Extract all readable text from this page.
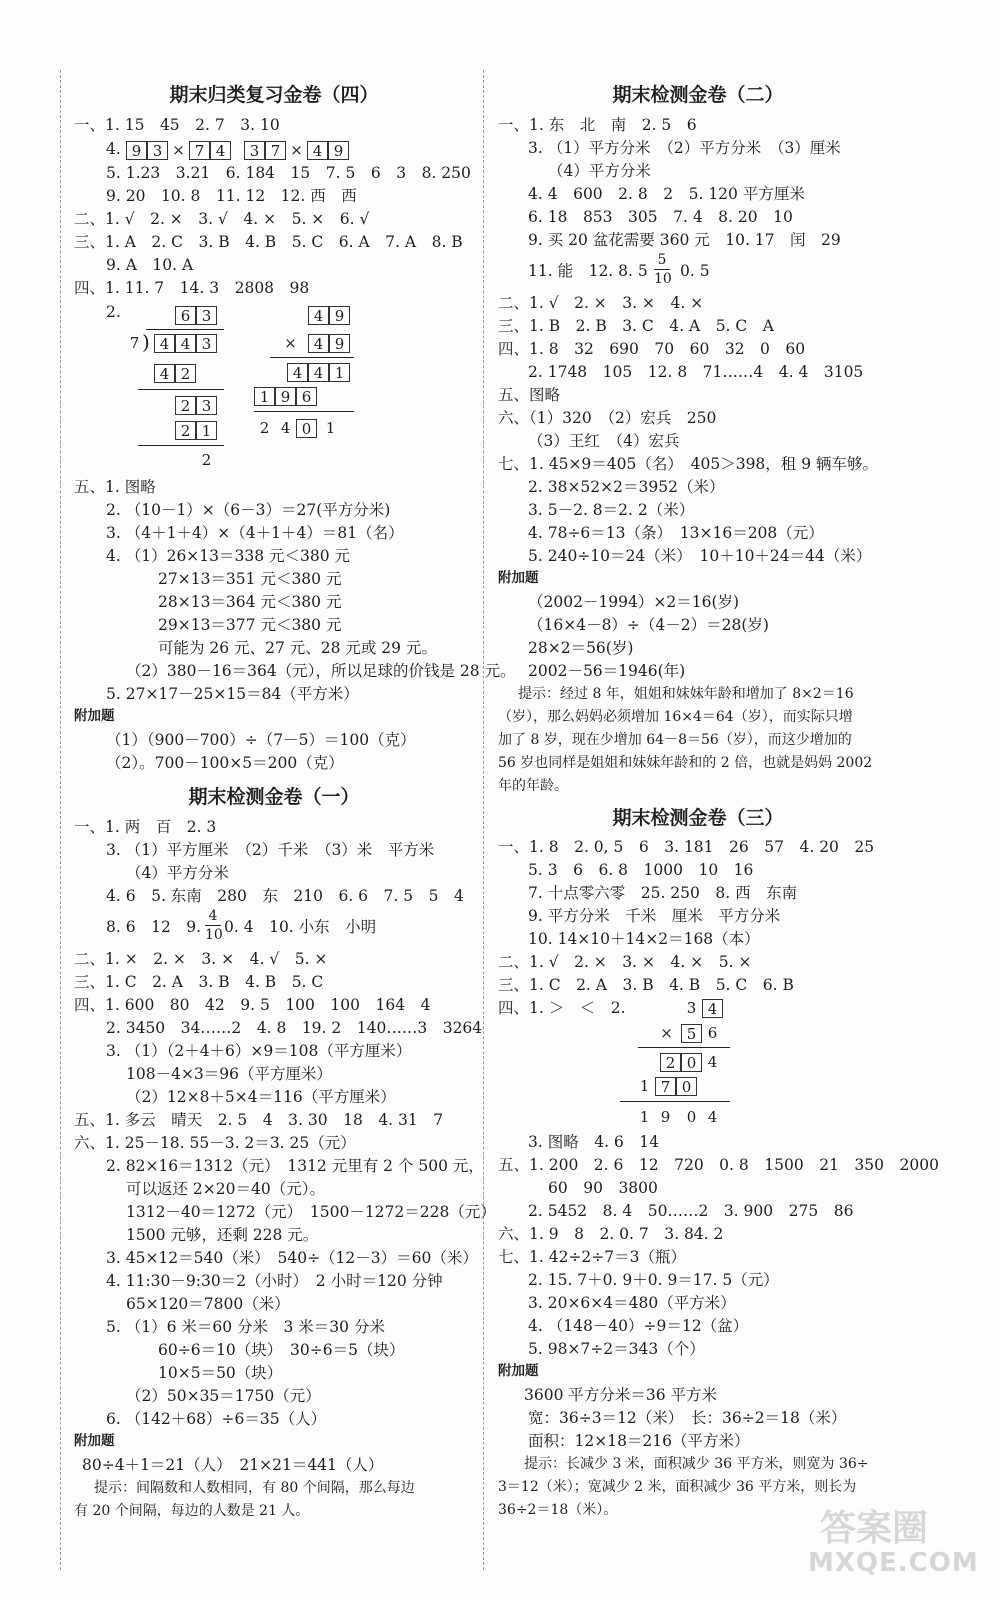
期末归类复习金卷（四）
一、1. 15　45　2. 7　3. 10
4. 9 3 × 7 4	3 7 × 4 9
5. 1.23　3.21　6. 184　15　7. 5　6　3　8. 250
9. 20　10. 8　11. 12　12. 西　西
二、1. √　2. ×　3. √　4. ×　5. ×　6. √
三、1. A　2. C　3. B　4. B　5. C　6. A　7. A　8. B
9. A　10. A
四、1. 11. 7　14. 3　2808　98
2.	6 3
7 ) 4 4 3
4 2
2 3
2 1
2
4 9
×	4 9
4 4 1
1 9 6
2 4 0 1
五、1. 图略
2. （10－1）×（6－3）＝27(平方分米)
3. （4＋1＋4）×（4＋1＋4）＝81（名）
4. （1）26×13＝338 元＜380 元
27×13＝351 元＜380 元
28×13＝364 元＜380 元
29×13＝377 元＜380 元
可能为 26 元、27 元、28 元或 29 元。
（2）380－16＝364（元），所以足球的价钱是 28 元。
5. 27×17－25×15＝84（平方米）
附加题
（1）（900－700）÷（7－5）＝100（克）
（2）。700－100×5＝200（克）
期末检测金卷（一）
一、1. 两　百　2. 3
3. （1）平方厘米　（2）千米　（3）米　平方米
（4）平方分米
4. 6　5. 东南　280　东　210　6. 6　7. 5　5　4
8. 6　12　9.
4
10 0. 4　10. 小东　小明
二、1. ×　2. ×　3. ×　4. √　5. ×
三、1. C　2. A　3. B　4. B　5. C
四、1. 600　80　42　9. 5　100　100　164　4
2. 3450　34……2　4. 8　19. 2　140……3　3264
3. （1）（2＋4＋6）×9＝108（平方厘米）
108－4×3＝96（平方厘米）
（2）12×8＋5×4＝116（平方厘米）
五、1. 多云　晴天　2. 5　4　3. 30　18　4. 31　7
六、1. 25－18. 55－3. 2＝3. 25（元）
2. 82×16＝1312（元）　1312 元里有 2 个 500 元，
可以返还 2×20＝40（元）。
1312－40＝1272（元）　1500－1272＝228（元）
1500 元够，还剩 228 元。
3. 45×12＝540（米）　540÷（12－3）＝60（米）
4. 11:30－9:30＝2（小时）　2 小时＝120 分钟
65×120＝7800（米）
5. （1）6 米＝60 分米　3 米＝30 分米
60÷6＝10（块）　30÷6＝5（块）
10×5＝50（块）
（2）50×35＝1750（元）
6. （142＋68）÷6＝35（人）
附加题
80÷4＋1＝21（人）　21×21＝441（人）
提示：间隔数和人数相同，有 80 个间隔，那么每边
有 20 个间隔，每边的人数是 21 人。
期末检测金卷（二）
一、1. 东　北　南　2. 5　6
3. （1）平方分米　（2）平方分米　（3）厘米
（4）平方分米
4. 4　600　2. 8　2　5. 120 平方厘米
6. 18　853　305　7. 4　8. 20　10
9. 买 20 盆花需要 360 元　10. 17　闰　29
11. 能　12. 8. 5
5
10 0. 5
二、1. √　2. ×　3. ×　4. ×
三、1. B　2. B　3. C　4. A　5. C　A
四、1. 8　32　690　70　60　32　0　60
2. 1748　105　12. 8　71……4　4. 4　3105
五、图略
六、（1）320　（2）宏兵　250
（3）王红　（4）宏兵
七、1. 45×9＝405（名）　405＞398，租 9 辆车够。
2. 38×52×2＝3952（米）
3. 5－2. 8＝2. 2（米）
4. 78÷6＝13（条）　13×16＝208（元）
5. 240÷10＝24（米）　10＋10＋24＝44（米）
附加题
（2002－1994）×2＝16(岁)
（16×4－8）÷（4－2）＝28(岁)
28×2＝56(岁)
2002－56＝1946(年)
提示：经过 8 年，姐姐和妹妹年龄和增加了 8×2＝16
（岁），那么妈妈必须增加 16×4＝64（岁），而实际只增
加了 8 岁，现在少增加 64－8＝56（岁），而这少增加的
56 岁也同样是姐姐和妹妹年龄和的 2 倍，也就是妈妈 2002
年的年龄。
期末检测金卷（三）
一、1. 8　2. 0, 5　6　3. 181　26　57　4. 20　25
5. 3　6　6. 8　1000　10　16
7. 十点零六零　25. 250　8. 西　东南
9. 平方分米　千米　厘米　平方分米
10. 14×10＋14×2＝168（本）
二、1. √　2. ×　3. ×　4. ×　5. ×
三、1. C　2. A　3. B　4. B　5. C　6. B
四、1. ＞　＜　2.	3 4
× 5 6
2 0 4
1 7 0
1 9	0 4
3. 图略　4. 6　14
五、1. 200　2. 6　12　720　0. 8　1500　21　350　2000
60　90　3800
2. 5452　8. 4　50……2　3. 900　275　86
六、1. 9　8　2. 0. 7　3. 84. 2
七、1. 42÷2÷7＝3（瓶）
2. 15. 7＋0. 9＋0. 9＝17. 5（元）
3. 20×6×4＝480（平方米）
4. （148－40）÷9＝12（盆）
5. 98×7÷2＝343（个）
附加题
3600 平方分米＝36 平方米
宽：36÷3＝12（米）　长：36÷2＝18（米）
面积：12×18＝216（平方米）
提示：长减少 3 米，面积减少 36 平方米，则宽为 36÷
3＝12（米）；宽减少 2 米，面积减少 36 平方米，则长为
36÷2＝18（米）。	答案圈
MXQE.COM
